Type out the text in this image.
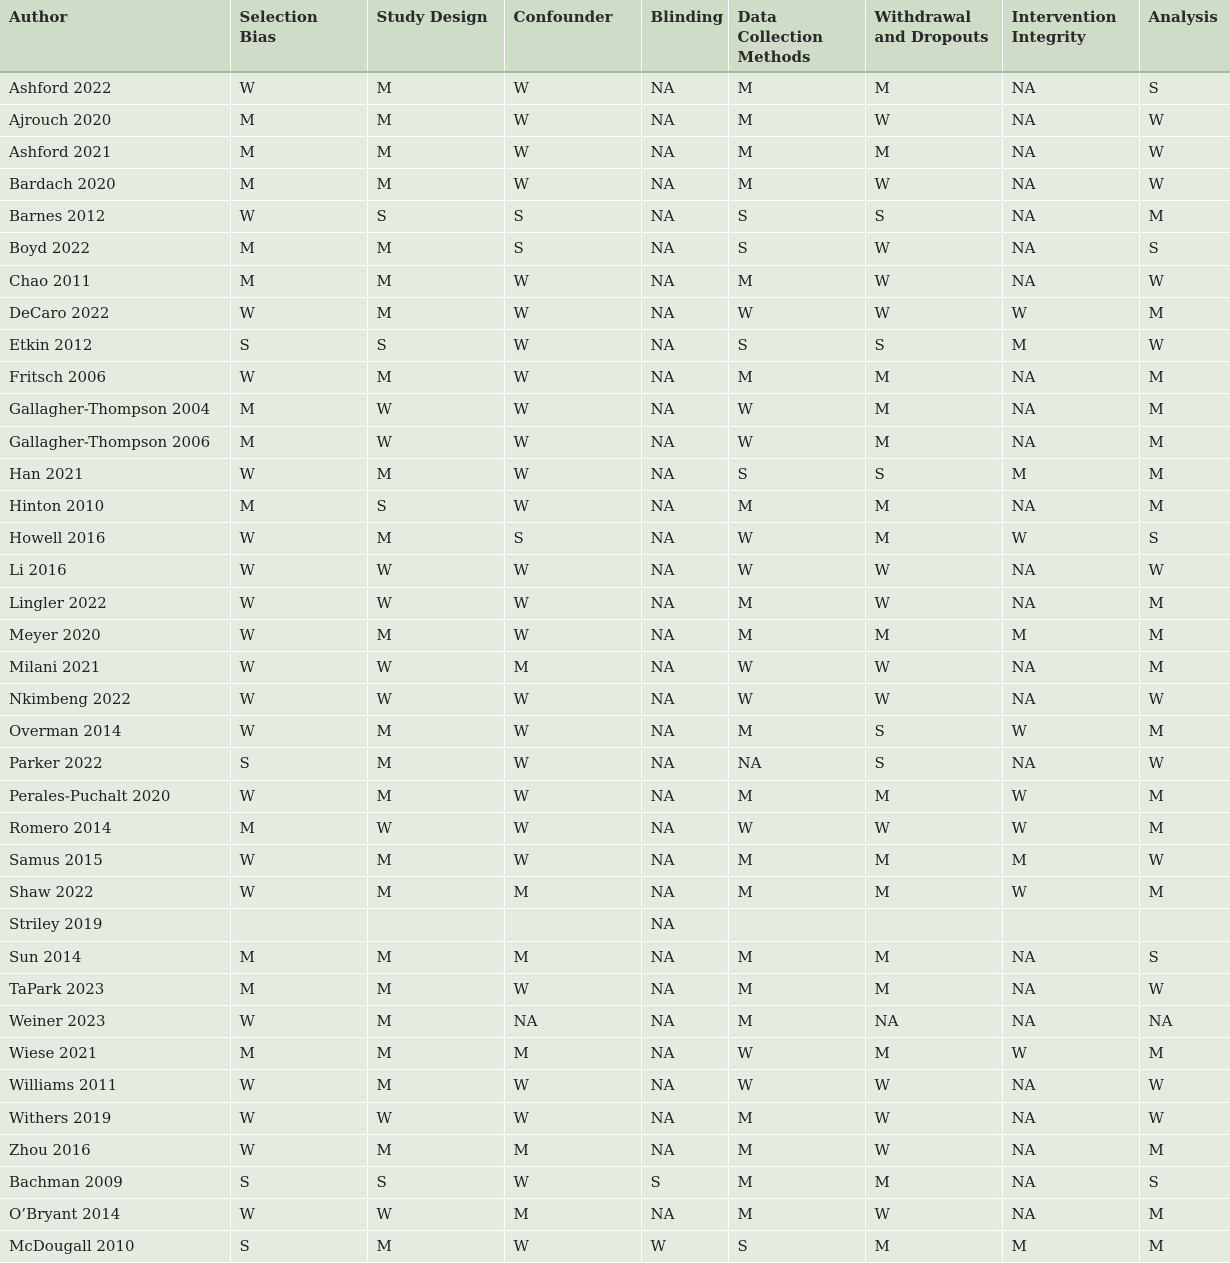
Author	Selection Bias	Study Design	Confounder	Blinding	Data Collection Methods	Withdrawal and Dropouts	Intervention Integrity	Analysis
Ashford 2022	W	M	W	NA	M	M	NA	S
Ajrouch 2020	M	M	W	NA	M	W	NA	W
Ashford 2021	M	M	W	NA	M	M	NA	W
Bardach 2020	M	M	W	NA	M	W	NA	W
Barnes 2012	W	S	S	NA	S	S	NA	M
Boyd 2022	M	M	S	NA	S	W	NA	S
Chao 2011	M	M	W	NA	M	W	NA	W
DeCaro 2022	W	M	W	NA	W	W	W	M
Etkin 2012	S	S	W	NA	S	S	M	W
Fritsch 2006	W	M	W	NA	M	M	NA	M
Gallagher-Thompson 2004	M	W	W	NA	W	M	NA	M
Gallagher-Thompson 2006	M	W	W	NA	W	M	NA	M
Han 2021	W	M	W	NA	S	S	M	M
Hinton 2010	M	S	W	NA	M	M	NA	M
Howell 2016	W	M	S	NA	W	M	W	S
Li 2016	W	W	W	NA	W	W	NA	W
Lingler 2022	W	W	W	NA	M	W	NA	M
Meyer 2020	W	M	W	NA	M	M	M	M
Milani 2021	W	W	M	NA	W	W	NA	M
Nkimbeng 2022	W	W	W	NA	W	W	NA	W
Overman 2014	W	M	W	NA	M	S	W	M
Parker 2022	S	M	W	NA	NA	S	NA	W
Perales-Puchalt 2020	W	M	W	NA	M	M	W	M
Romero 2014	M	W	W	NA	W	W	W	M
Samus 2015	W	M	W	NA	M	M	M	W
Shaw 2022	W	M	M	NA	M	M	W	M
Striley 2019				NA				
Sun 2014	M	M	M	NA	M	M	NA	S
TaPark 2023	M	M	W	NA	M	M	NA	W
Weiner 2023	W	M	NA	NA	M	NA	NA	NA
Wiese 2021	M	M	M	NA	W	M	W	M
Williams 2011	W	M	W	NA	W	W	NA	W
Withers 2019	W	W	W	NA	M	W	NA	W
Zhou 2016	W	M	M	NA	M	W	NA	M
Bachman 2009	S	S	W	S	M	M	NA	S
O’Bryant 2014	W	W	M	NA	M	W	NA	M
McDougall 2010	S	M	W	W	S	M	M	M
